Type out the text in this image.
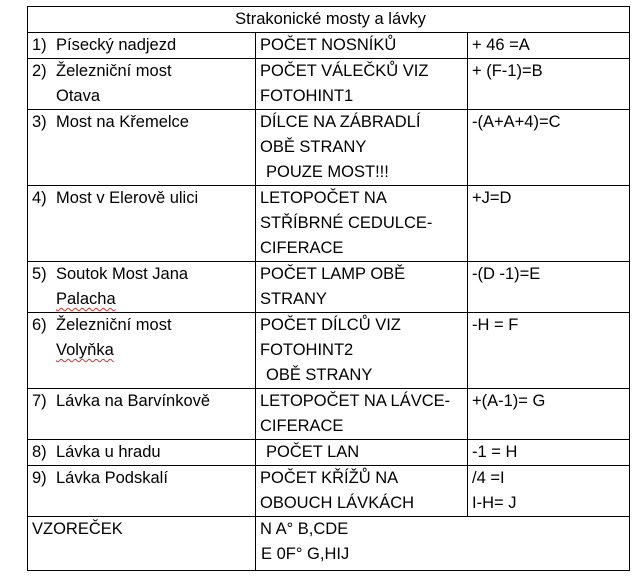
Strakonické mosty a lávky		
1) Písecký nadjezd	POČET NOSNÍKŮ	+ 46 =A

2) Železniční most
Otava	POČET VÁLEČKŮ VIZ
FOTOHINT1	+ (F-1)=B

3) Most na Křemelce	DÍLCE NA ZÁBRADLÍ
OBĚ STRANY
POUZE MOST!!!	-(A+A+4)=C

4) Most v Elerově ulici	LETOPOČET NA
STŘÍBRNÉ CEDULCE-
CIFERACE	+J=D

5) Soutok Most Jana
Palacha	POČET LAMP OBĚ
STRANY	-(D -1)=E

6) Železniční most
Volyňka	POČET DÍLCŮ VIZ
FOTOHINT2
OBĚ STRANY	-H = F

7) Lávka na Barvínkově	LETOPOČET NA LÁVCE-
CIFERACE	+(A-1)= G

8) Lávka u hradu	POČET LAN	-1 = H

9) Lávka Podskalí	POČET KŘÍŽŮ NA
OBOUCH LÁVKÁCH	/4 =I
I-H= J

VZOREČEK	N A° B,CDE
E 0F° G,HIJ	
